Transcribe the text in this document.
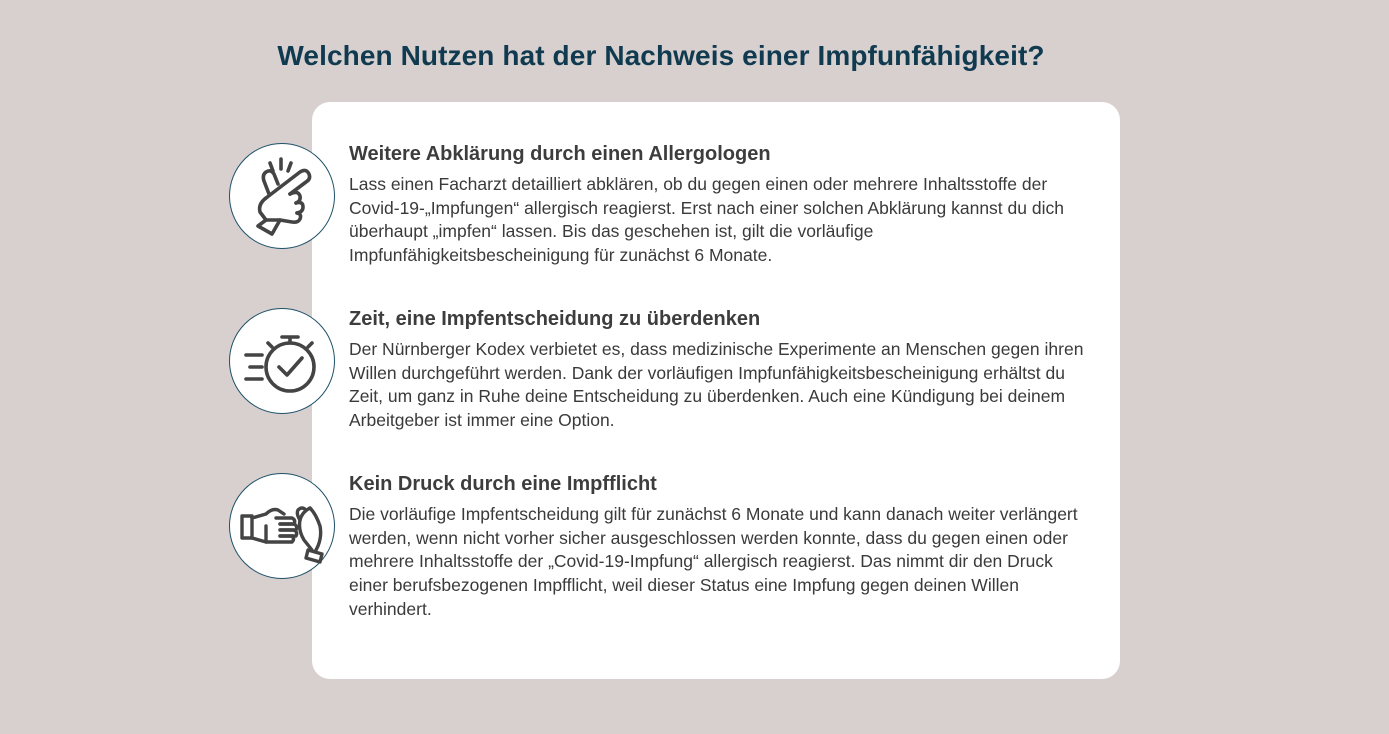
Welchen Nutzen hat der Nachweis einer Impfunfähigkeit?
Weitere Abklärung durch einen Allergologen

Lass einen Facharzt detailliert abklären, ob du gegen einen oder mehrere Inhaltsstoffe der Covid-19-„Impfungen“ allergisch reagierst. Erst nach einer solchen Abklärung kannst du dich überhaupt „impfen“ lassen. Bis das geschehen ist, gilt die vorläufige Impfunfähigkeitsbescheinigung für zunächst 6 Monate.

Zeit, eine Impfentscheidung zu überdenken

Der Nürnberger Kodex verbietet es, dass medizinische Experimente an Menschen gegen ihren Willen durchgeführt werden. Dank der vorläufigen Impfunfähigkeitsbescheinigung erhältst du Zeit, um ganz in Ruhe deine Entscheidung zu überdenken. Auch eine Kündigung bei deinem Arbeitgeber ist immer eine Option.

Kein Druck durch eine Impfflicht

Die vorläufige Impfentscheidung gilt für zunächst 6 Monate und kann danach weiter verlängert werden, wenn nicht vorher sicher ausgeschlossen werden konnte, dass du gegen einen oder mehrere Inhaltsstoffe der „Covid-19-Impfung“ allergisch reagierst. Das nimmt dir den Druck einer berufsbezogenen Impfflicht, weil dieser Status eine Impfung gegen deinen Willen verhindert.
